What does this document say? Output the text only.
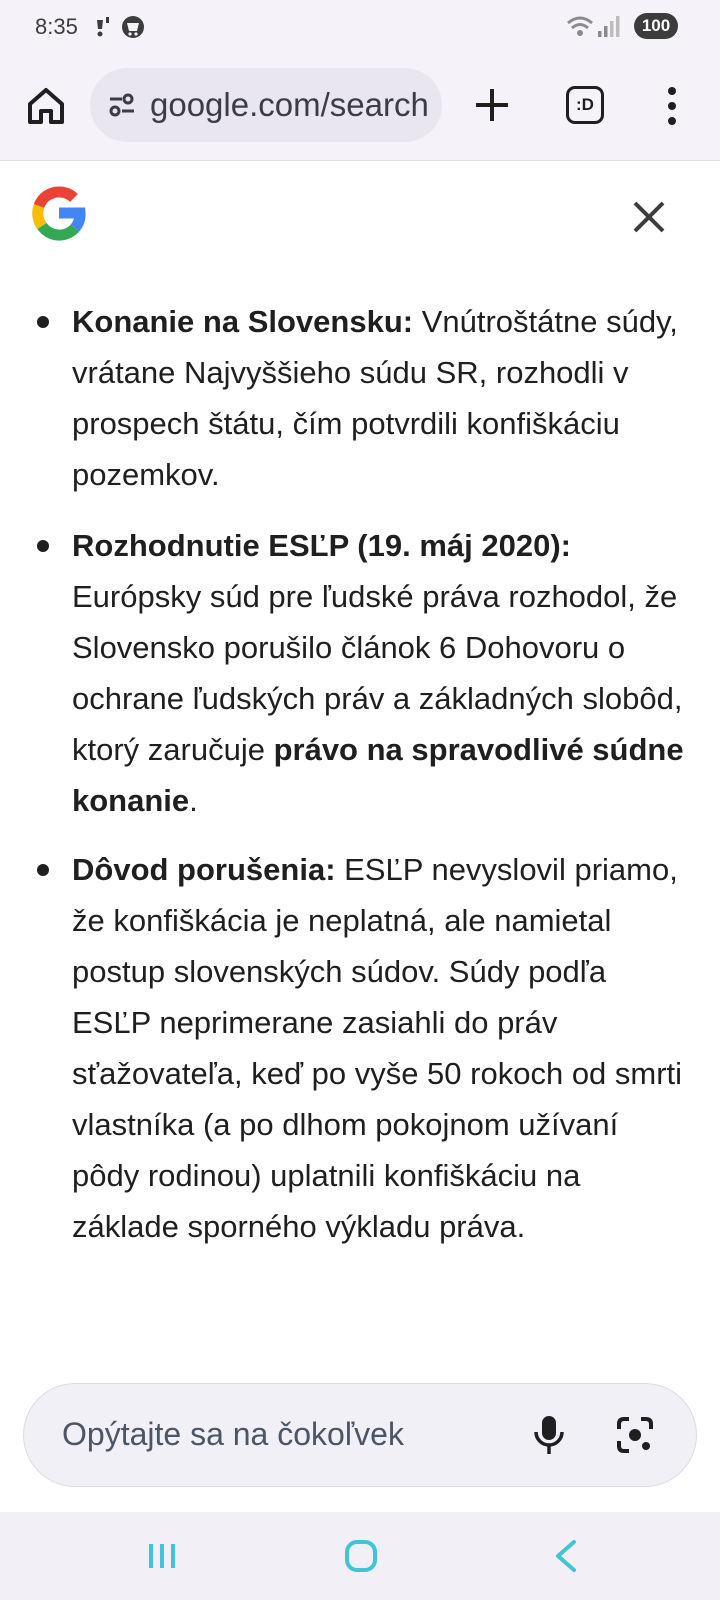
8:35	100
google.com/search	:D
Konanie na Slovensku: Vnútroštátne súdy, vrátane Najvyššieho súdu SR, rozhodli v prospech štátu, čím potvrdili konfiškáciu pozemkov.
Rozhodnutie ESĽP (19. máj 2020): Európsky súd pre ľudské práva rozhodol, že Slovensko porušilo článok 6 Dohovoru o ochrane ľudských práv a základných slobôd, ktorý zaručuje právo na spravodlivé súdne konanie.
Dôvod porušenia: ESĽP nevyslovil priamo, že konfiškácia je neplatná, ale namietal postup slovenských súdov. Súdy podľa ESĽP neprimerane zasiahli do práv sťažovateľa, keď po vyše 50 rokoch od smrti vlastníka (a po dlhom pokojnom užívaní pôdy rodinou) uplatnili konfiškáciu na základe sporného výkladu práva.
Opýtajte sa na čokoľvek
